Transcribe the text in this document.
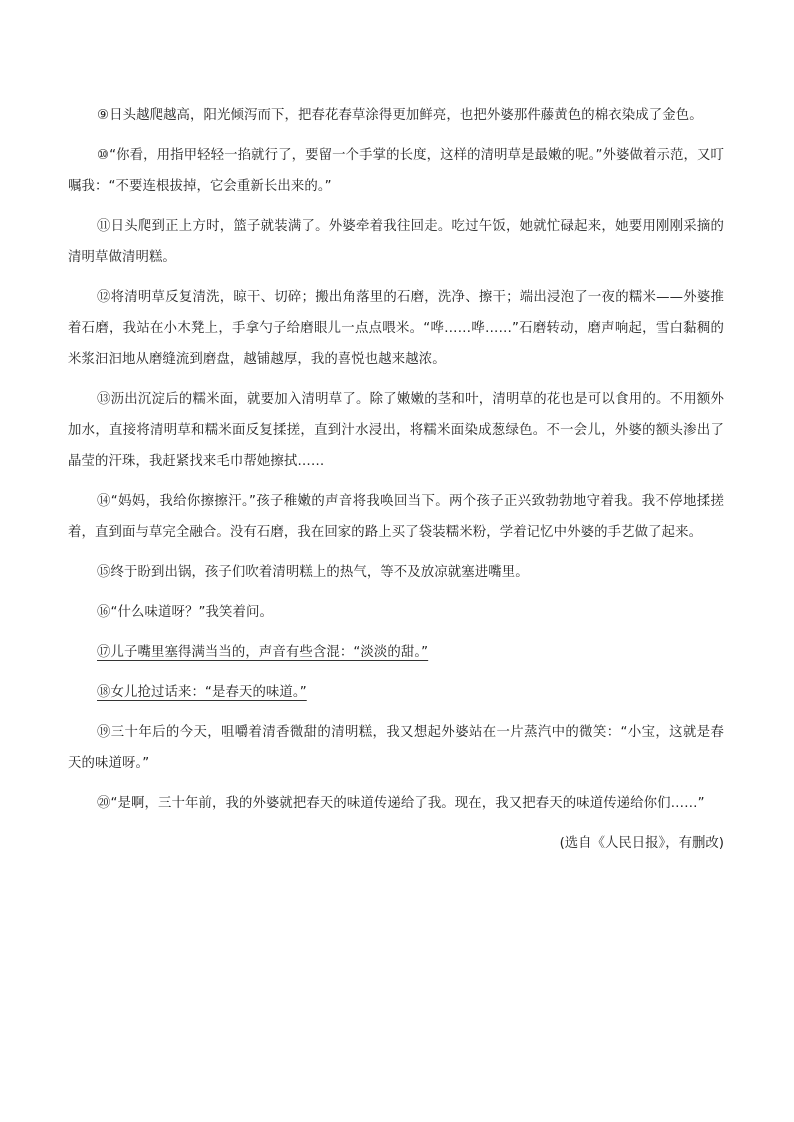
⑨日头越爬越高，阳光倾泻而下，把春花春草涂得更加鲜亮，也把外婆那件藤黄色的棉衣染成了金色。

⑩“你看，用指甲轻轻一掐就行了，要留一个手掌的长度，这样的清明草是最嫩的呢。”外婆做着示范，又叮嘱我：“不要连根拔掉，它会重新长出来的。”

⑪日头爬到正上方时，篮子就装满了。外婆牵着我往回走。吃过午饭，她就忙碌起来，她要用刚刚采摘的清明草做清明糕。

⑫将清明草反复清洗，晾干、切碎；搬出角落里的石磨，洗净、擦干；端出浸泡了一夜的糯米——外婆推着石磨，我站在小木凳上，手拿勺子给磨眼儿一点点喂米。“哗……哗……”石磨转动，磨声响起，雪白黏稠的米浆汩汩地从磨缝流到磨盘，越铺越厚，我的喜悦也越来越浓。

⑬沥出沉淀后的糯米面，就要加入清明草了。除了嫩嫩的茎和叶，清明草的花也是可以食用的。不用额外加水，直接将清明草和糯米面反复揉搓，直到汁水浸出，将糯米面染成葱绿色。不一会儿，外婆的额头渗出了晶莹的汗珠，我赶紧找来毛巾帮她擦拭……

⑭“妈妈，我给你擦擦汗。”孩子稚嫩的声音将我唤回当下。两个孩子正兴致勃勃地守着我。我不停地揉搓着，直到面与草完全融合。没有石磨，我在回家的路上买了袋装糯米粉，学着记忆中外婆的手艺做了起来。

⑮终于盼到出锅，孩子们吹着清明糕上的热气，等不及放凉就塞进嘴里。

⑯“什么味道呀？”我笑着问。

⑰儿子嘴里塞得满当当的，声音有些含混：“淡淡的甜。”

⑱女儿抢过话来：“是春天的味道。”

⑲三十年后的今天，咀嚼着清香微甜的清明糕，我又想起外婆站在一片蒸汽中的微笑：“小宝，这就是春天的味道呀。”

⑳“是啊，三十年前，我的外婆就把春天的味道传递给了我。现在，我又把春天的味道传递给你们……”

(选自《人民日报》，有删改)
